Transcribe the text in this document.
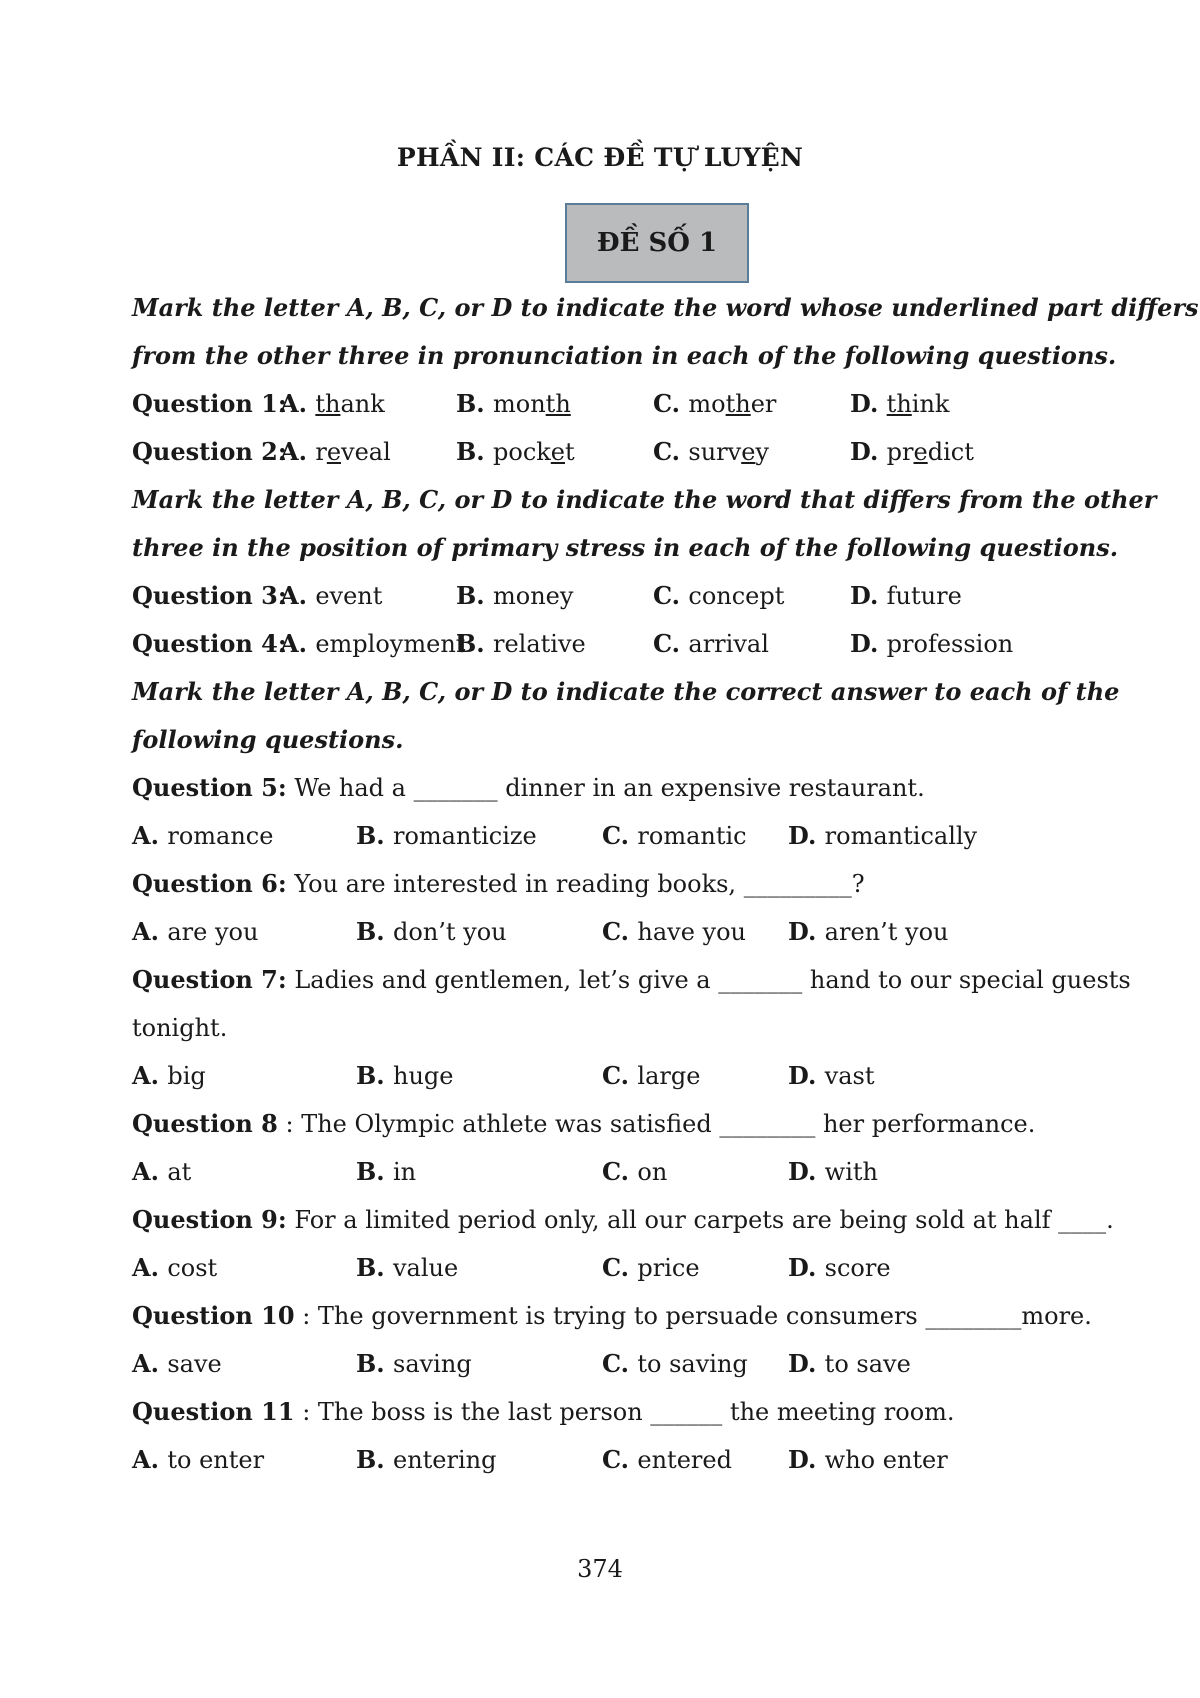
PHẦN II: CÁC ĐỀ TỰ LUYỆN
ĐỀ SỐ 1
Mark the letter A, B, C, or D to indicate the word whose underlined part differs
from the other three in pronunciation in each of the following questions.
Question 1:
A. thank	B. month	C. mother	D. think
Question 2:
A. reveal	B. pocket	C. survey	D. predict
Mark the letter A, B, C, or D to indicate the word that differs from the other
three in the position of primary stress in each of the following questions.
Question 3:
A. event	B. money	C. concept	D. future
Question 4:
A. employment
B. relative	C. arrival	D. profession
Mark the letter A, B, C, or D to indicate the correct answer to each of the
following questions.
Question 5: We had a _______ dinner in an expensive restaurant.
A. romance	B. romanticize	C. romantic D. romantically
Question 6: You are interested in reading books, _________?
A. are you	B. don’t you	C. have you D. aren’t you
Question 7: Ladies and gentlemen, let’s give a _______ hand to our special guests
tonight.
A. big	B. huge	C. large	D. vast
Question 8 : The Olympic athlete was satisfied ________ her performance.
A. at	B. in	C. on	D. with
Question 9: For a limited period only, all our carpets are being sold at half ____.
A. cost	B. value	C. price	D. score
Question 10 : The government is trying to persuade consumers ________more.
A. save	B. saving	C. to saving D. to save
Question 11 : The boss is the last person ______ the meeting room.
A. to enter	B. entering	C. entered D. who enter
374
